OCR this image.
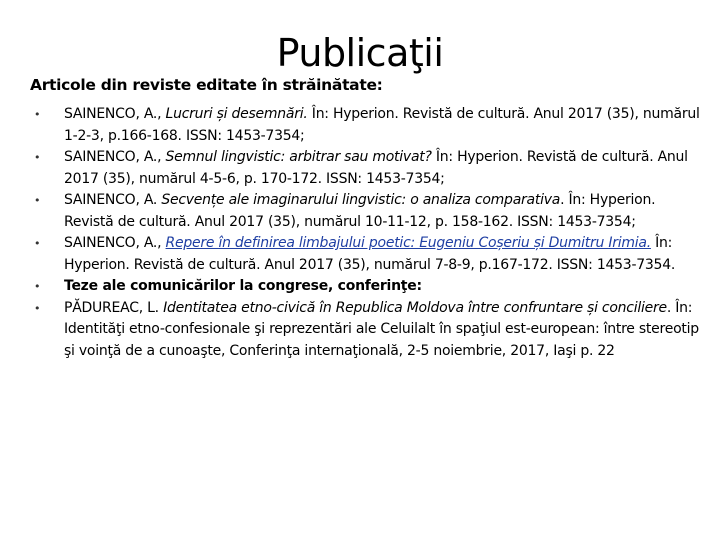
Publicaţii
Articole din reviste editate în străinătate:

• SAINENCO, A., Lucruri și desemnări. În: Hyperion. Revistă de cultură. Anul 2017 (35), numărul 1-2-3, p.166-168. ISSN: 1453-7354;

• SAINENCO, A., Semnul lingvistic: arbitrar sau motivat? În: Hyperion. Revistă de cultură. Anul 2017 (35), numărul 4-5-6, p. 170-172. ISSN: 1453-7354;

• SAINENCO, A. Secvențe ale imaginarului lingvistic: o analiza comparativa. În: Hyperion. Revistă de cultură. Anul 2017 (35), numărul 10-11-12, p. 158-162. ISSN: 1453-7354;

• SAINENCO, A., Repere în definirea limbajului poetic: Eugeniu Coșeriu și Dumitru Irimia. În: Hyperion. Revistă de cultură. Anul 2017 (35), numărul 7-8-9, p.167-172. ISSN: 1453-7354.

• Teze ale comunicărilor la congrese, conferinţe:

• PĂDUREAC, L. Identitatea etno-civică în Republica Moldova între confruntare și conciliere. În: Identităţi etno-confesionale şi reprezentări ale Celuilalt în spaţiul est-european: între stereotip şi voinţă de a cunoaşte, Conferinţa internaţională, 2-5 noiembrie, 2017, Iaşi p. 22
